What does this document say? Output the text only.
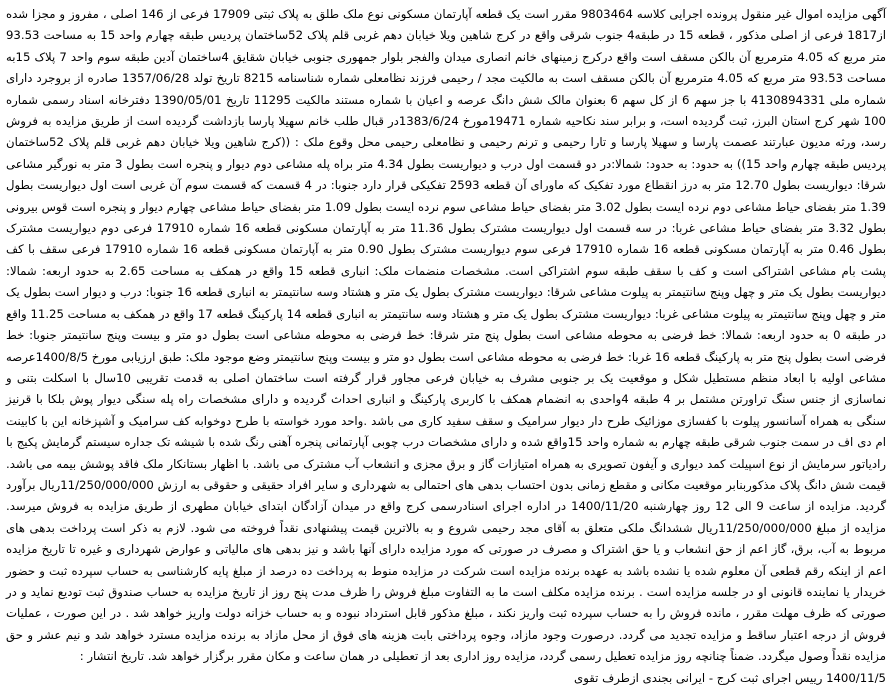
آگهی مزایده اموال غیر منقول پرونده اجرایی کلاسه 9803464 مقرر است یک قطعه آپارتمان مسکونی نوع ملک طلق به پلاک ثبتی 17909 فرعی از 146 اصلی ، مفروز و مجزا شده از1817 فرعی از اصلی مذکور ، قطعه 15 در طبقه4 جنوب شرقی واقع در کرج شاهین ویلا خیابان دهم غربی قلم پلاک 52ساختمان پردیس طبقه چهارم واحد 15 به مساحت 93.53 متر مربع که 4.05 مترمربع آن بالکن مسقف است واقع درکرج زمینهای خانم انصاری میدان والفجر بلوار جمهوری جنوبی خیابان شقایق 4ساختمان آدین طبقه سوم واحد 7 پلاک 15به مساحت 93.53 متر مربع که 4.05 مترمربع آن بالکن مسقف است به مالکیت مجد / رحیمی فرزند نظامعلی شماره شناسنامه 8215 تاریخ تولد 1357/06/28 صادره از بروجرد دارای شماره ملی 4130894331 با جز سهم 6 از کل سهم 6 بعنوان مالک شش دانگ عرصه و اعیان با شماره مستند مالکیت 11295 تاریخ 1390/05/01 دفترخانه اسناد رسمی شماره 100 شهر کرج استان البرز، ثبت گردیده است، و برابر سند نکاحیه شماره 19471مورخ 1383/6/24در قبال طلب خانم سهیلا پارسا بازداشت گردیده است از طریق مزایده به فروش رسد، ورثه مدیون عبارتند عصمت پارسا و سهیلا پارسا و تارا رحیمی و ترنم رحیمی و نظامعلی رحیمی محل وقوع ملک : ((کرج شاهین ویلا خیابان دهم غربی قلم پلاک 52ساختمان پردیس طبقه چهارم واحد 15)) به حدود: به حدود: شمالا:در دو قسمت اول درب و دیواریست بطول 4.34 متر براه پله مشاعی دوم دیوار و پنجره است بطول 3 متر به نورگیر مشاعی شرقا: دیواریست بطول 12.70 متر به درز انقطاع مورد تفکیک که ماورای آن قطعه 2593 تفکیکی قرار دارد جنوبا: در 4 قسمت که قسمت سوم آن غربی است اول دیواریست بطول 1.39 متر بفضای حیاط مشاعی دوم نرده ایست بطول 3.02 متر بفضای حیاط مشاعی سوم نرده ایست بطول 1.09 متر بفضای حیاط مشاعی چهارم دیوار و پنجره است قوس بیرونی بطول 3.32 متر بفضای حیاط مشاعی غربا: در سه قسمت اول دیواریست مشترک بطول 11.36 متر به آپارتمان مسکونی قطعه 16 شماره 17910 فرعی دوم دیواریست مشترک بطول 0.46 متر به آپارتمان مسکونی قطعه 16 شماره 17910 فرعی سوم دیواریست مشترک بطول 0.90 متر به آپارتمان مسکونی قطعه 16 شماره 17910 فرعی سقف با کف پشت بام مشاعی اشتراکی است و کف با سقف طبقه سوم اشتراکی است. مشخصات منضمات ملک: انباری قطعه 15 واقع در همکف به مساحت 2.65 به حدود اربعه: شمالا: دیواریست بطول یک متر و چهل وپنج سانتیمتر به پیلوت مشاعی شرقا: دیواریست مشترک بطول یک متر و هشتاد وسه سانتیمتر به انباری قطعه 16 جنوبا: درب و دیوار است بطول یک متر و چهل وپنج سانتیمتر به پیلوت مشاعی غربا: دیواریست مشترک بطول یک متر و هشتاد وسه سانتیمتر به انباری قطعه 14 پارکینگ قطعه 17 واقع در همکف به مساحت 11.25 واقع در طبقه 0 به حدود اربعه: شمالا: خط فرضی به محوطه مشاعی است بطول پنج متر شرقا: خط فرضی به محوطه مشاعی است بطول دو متر و بیست وپنج سانتیمتر جنوبا: خط فرضی است بطول پنج متر به پارکینگ قطعه 16 غربا: خط فرضی به محوطه مشاعی است بطول دو متر و بیست وپنج سانتیمتر وضع موجود ملک: طبق ارزیابی مورخ 1400/8/5عرصه مشاعی اولیه با ابعاد منظم مستطیل شکل و موقعیت یک بر جنوبی مشرف به خیابان فرعی مجاور قرار گرفته است ساختمان اصلی به قدمت تقریبی 10سال با اسکلت بتنی و نماسازی از جنس سنگ تراورتن مشتمل بر 4 طبقه 4واحدی به انضمام همکف با کاربری پارکینگ و انباری احداث گردیده و دارای مشخصات راه پله سنگی دیوار پوش بلکا با قرنیز سنگی به همراه آسانسور پیلوت با کفسازی موزائیک طرح دار دیوار سرامیک و سقف سفید کاری می باشد .واحد مورد خواسته با طرح دوخوابه کف سرامیک و آشپزخانه این با کابینت ام دی اف در سمت جنوب شرقی طبقه چهارم به شماره واحد 15واقع شده و دارای مشخصات درب چوبی آپارتمانی پنجره آهنی رنگ شده با شیشه تک جداره سیستم گرمایش پکیج با رادیاتور سرمایش از نوع اسپیلت کمد دیواری و آیفون تصویری به همراه امتیازات گاز و برق مجزی و انشعاب آب مشترک می باشد. با اظهار بستانکار ملک فاقد پوشش بیمه می باشد. قیمت شش دانگ پلاک مذکوربنابر موقعیت مکانی و مقطع زمانی بدون احتساب بدهی های احتمالی به شهرداری و سایر افراد حقیقی و حقوقی به ارزش 11/250/000/000ریال برآورد گردید. مزایده از ساعت 9 الی 12 روز چهارشنبه 1400/11/20 در اداره اجرای اسنادرسمی کرج واقع در میدان آزادگان ابتدای خیابان مطهری از طریق مزایده به فروش میرسد. مزایده از مبلغ 11/250/000/000ریال ششدانگ ملکی متعلق به آقای مجد رحیمی شروع و به بالاترین قیمت پیشنهادی نقداً فروخته می شود. لازم به ذکر است پرداخت بدهی های مربوط به آب، برق، گاز اعم از حق انشعاب و یا حق اشتراک و مصرف در صورتی که مورد مزایده دارای آنها باشد و نیز بدهی های مالیاتی و عوارض شهرداری و غیره تا تاریخ مزایده اعم از اینکه رقم قطعی آن معلوم شده یا نشده باشد به عهده برنده مزایده است شرکت در مزایده منوط به پرداخت ده درصد از مبلغ پایه کارشناسی به حساب سپرده ثبت و حضور خریدار یا نماینده قانونی او در جلسه مزایده است . برنده مزایده مکلف است ما به التفاوت مبلغ فروش را ظرف مدت پنج روز از تاریخ مزایده به حساب صندوق ثبت توديع نمايد و در صورتی که ظرف مهلت مقرر ، مانده فروش را به حساب سپرده ثبت واریز نکند ، مبلغ مذکور قابل استرداد نبوده و به حساب خزانه دولت واریز خواهد شد . در این صورت ، عملیات فروش از درجه اعتبار ساقط و مزایده تجدید می گردد. درصورت وجود مازاد، وجوه پرداختی بابت هزینه های فوق از محل مازاد به برنده مزایده مسترد خواهد شد و نیم عشر و حق مزایده نقداً وصول میگردد. ضمناً چنانچه روز مزایده تعطیل رسمی گردد، مزایده روز اداری بعد از تعطیلی در همان ساعت و مکان مقرر برگزار خواهد شد. تاریخ انتشار :

1400/11/5 رییس اجرای ثبت کرج - ایرانی بجندی ازطرف تقوی
